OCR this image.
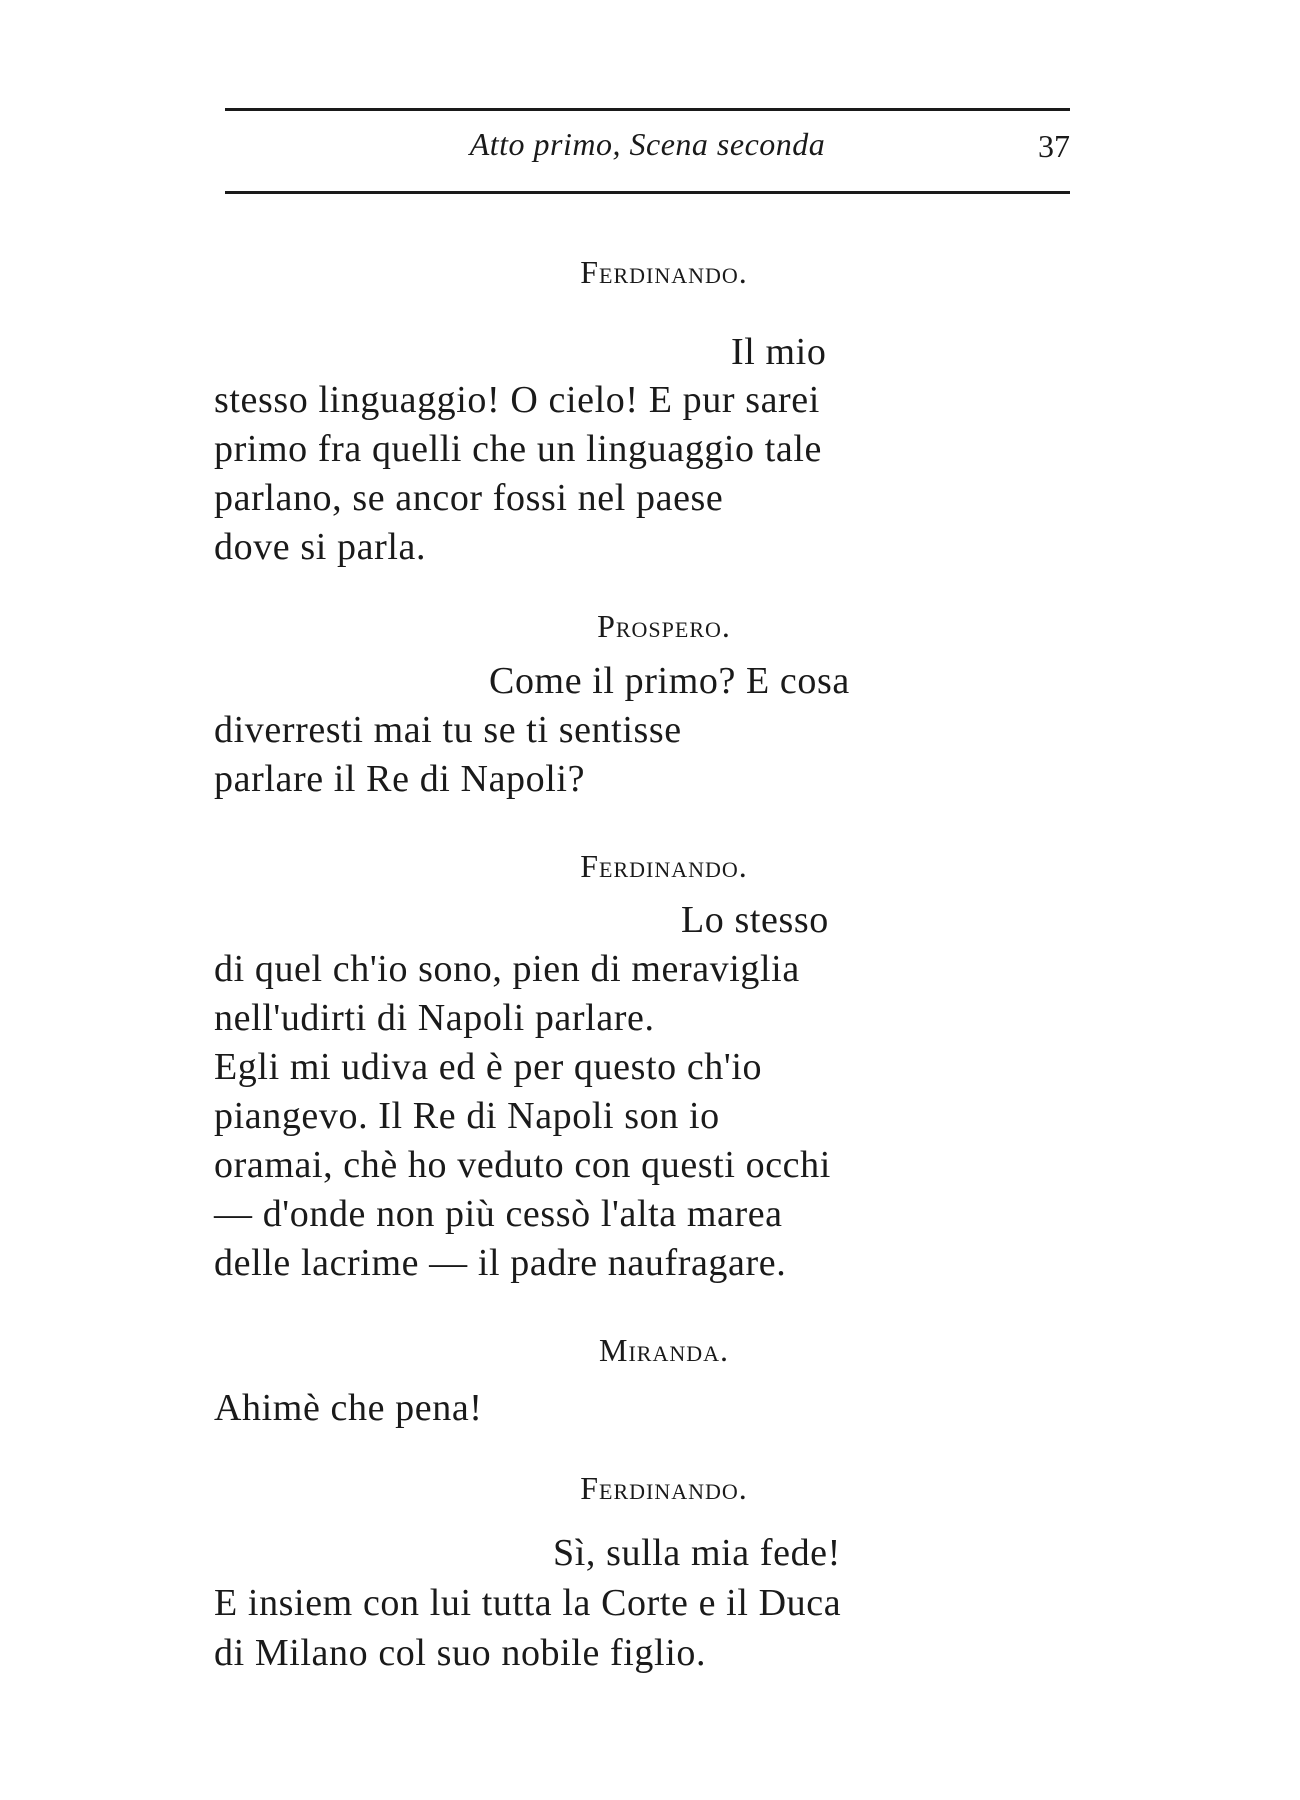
Atto primo, Scena seconda	37
Ferdinando.
Il mio
stesso linguaggio! O cielo! E pur sarei
primo fra quelli che un linguaggio tale
parlano, se ancor fossi nel paese
dove si parla.
Prospero.
Come il primo? E cosa
diverresti mai tu se ti sentisse
parlare il Re di Napoli?
Ferdinando.
Lo stesso
di quel ch'io sono, pien di meraviglia
nell'udirti di Napoli parlare.
Egli mi udiva ed è per questo ch'io
piangevo. Il Re di Napoli son io
oramai, chè ho veduto con questi occhi
— d'onde non più cessò l'alta marea
delle lacrime — il padre naufragare.
Miranda.
Ahimè che pena!
Ferdinando.
Sì, sulla mia fede!
E insiem con lui tutta la Corte e il Duca
di Milano col suo nobile figlio.
